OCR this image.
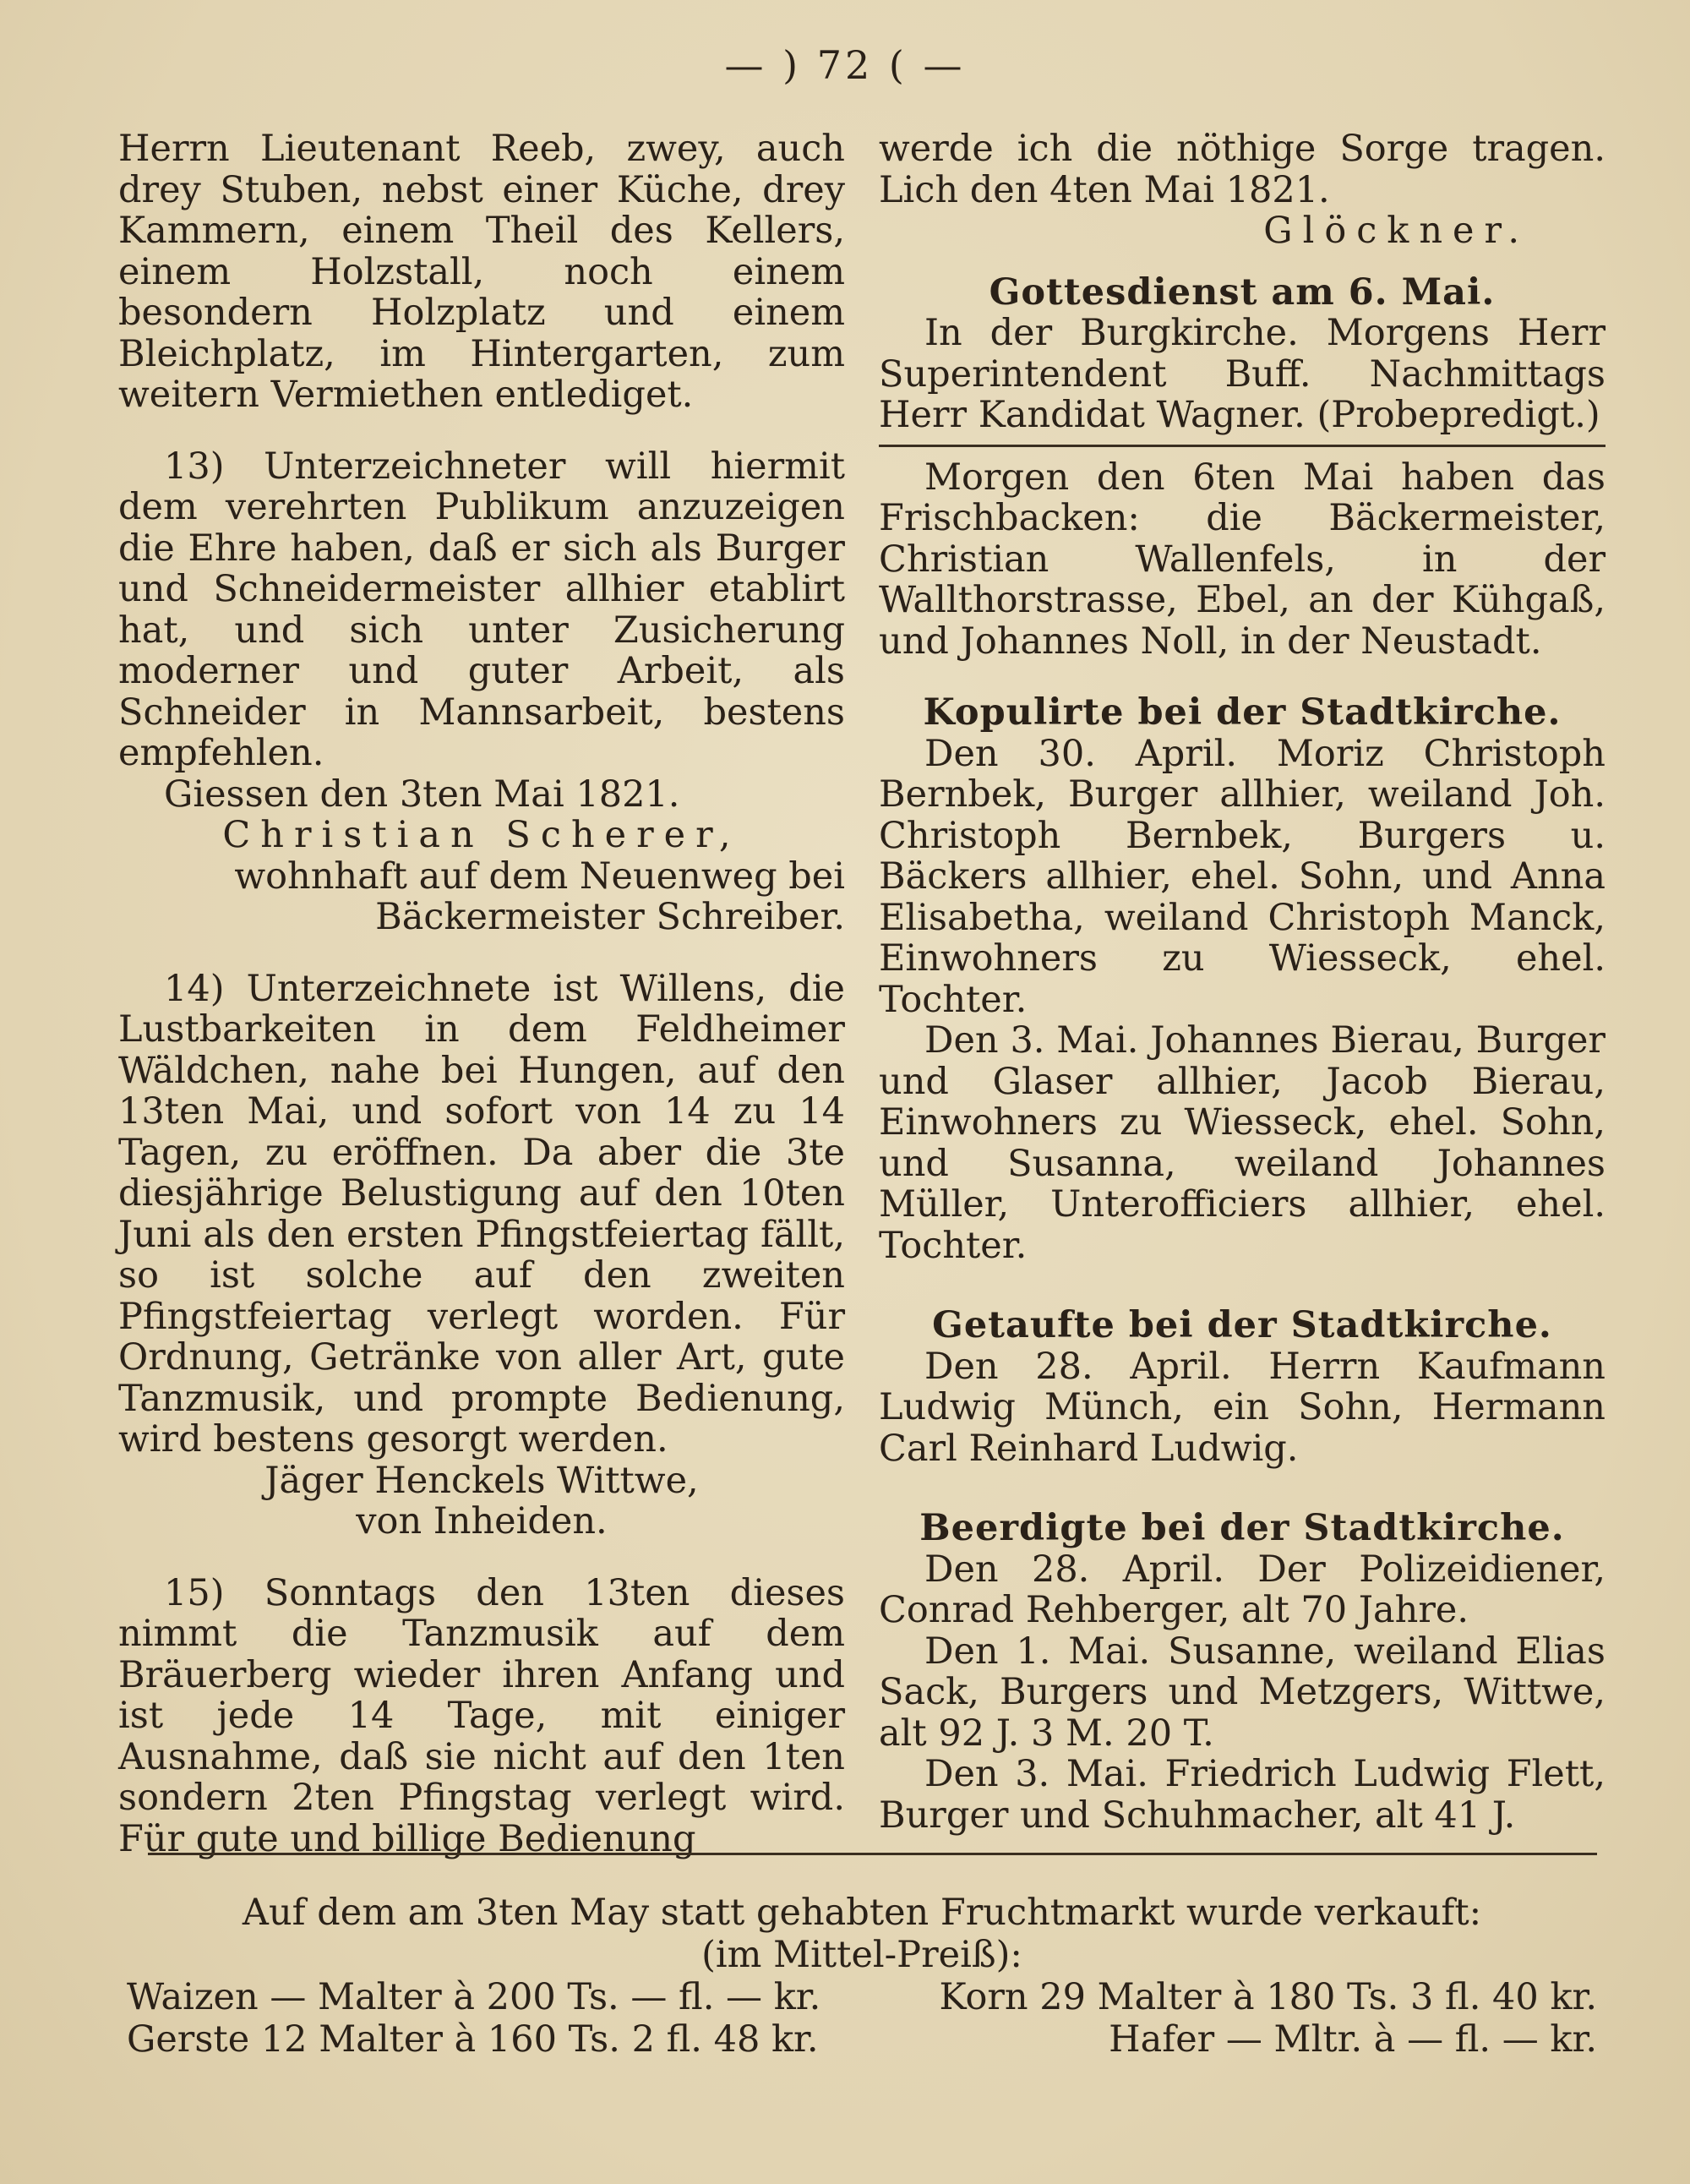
— ) 72 ( —

Herrn Lieutenant Reeb, zwey, auch drey Stuben, nebst einer Küche, drey Kammern, einem Theil des Kellers, einem Holzstall, noch einem besondern Holzplatz und einem Bleichplatz, im Hintergarten, zum weitern Vermiethen entlediget.

13) Unterzeichneter will hiermit dem verehrten Publikum anzuzeigen die Ehre haben, daß er sich als Burger und Schneidermeister allhier etablirt hat, und sich unter Zusicherung moderner und guter Arbeit, als Schneider in Mannsarbeit, bestens empfehlen.

Giessen den 3ten Mai 1821.

Christian Scherer,

wohnhaft auf dem Neuenweg bei Bäckermeister Schreiber.

14) Unterzeichnete ist Willens, die Lustbarkeiten in dem Feldheimer Wäldchen, nahe bei Hungen, auf den 13ten Mai, und sofort von 14 zu 14 Tagen, zu eröffnen. Da aber die 3te diesjährige Belustigung auf den 10ten Juni als den ersten Pfingstfeiertag fällt, so ist solche auf den zweiten Pfingstfeiertag verlegt worden. Für Ordnung, Getränke von aller Art, gute Tanzmusik, und prompte Bedienung, wird bestens gesorgt werden.

Jäger Henckels Wittwe,

von Inheiden.

15) Sonntags den 13ten dieses nimmt die Tanzmusik auf dem Bräuerberg wieder ihren Anfang und ist jede 14 Tage, mit einiger Ausnahme, daß sie nicht auf den 1ten sondern 2ten Pfingstag verlegt wird. Für gute und billige Bedienung

werde ich die nöthige Sorge tragen. Lich den 4ten Mai 1821.

Glöckner.

Gottesdienst am 6. Mai.

In der Burgkirche. Morgens Herr Superintendent Buff. Nachmittags Herr Kandidat Wagner. (Probepredigt.)

Morgen den 6ten Mai haben das Frischbacken: die Bäckermeister, Christian Wallenfels, in der Wallthorstrasse, Ebel, an der Kühgaß, und Johannes Noll, in der Neustadt.

Kopulirte bei der Stadtkirche.

Den 30. April. Moriz Christoph Bernbek, Burger allhier, weiland Joh. Christoph Bernbek, Burgers u. Bäckers allhier, ehel. Sohn, und Anna Elisabetha, weiland Christoph Manck, Einwohners zu Wiesseck, ehel. Tochter.

Den 3. Mai. Johannes Bierau, Burger und Glaser allhier, Jacob Bierau, Einwohners zu Wiesseck, ehel. Sohn, und Susanna, weiland Johannes Müller, Unterofficiers allhier, ehel. Tochter.

Getaufte bei der Stadtkirche.

Den 28. April. Herrn Kaufmann Ludwig Münch, ein Sohn, Hermann Carl Reinhard Ludwig.

Beerdigte bei der Stadtkirche.

Den 28. April. Der Polizeidiener, Conrad Rehberger, alt 70 Jahre.

Den 1. Mai. Susanne, weiland Elias Sack, Burgers und Metzgers, Wittwe, alt 92 J. 3 M. 20 T.

Den 3. Mai. Friedrich Ludwig Flett, Burger und Schuhmacher, alt 41 J.

Auf dem am 3ten May statt gehabten Fruchtmarkt wurde verkauft:

(im Mittel-Preiß):

Waizen — Malter à 200 Ts. — fl. — kr.	Korn 29 Malter à 180 Ts. 3 fl. 40 kr.
Gerste 12 Malter à 160 Ts. 2 fl. 48 kr.	Hafer — Mltr. à — fl. — kr.
